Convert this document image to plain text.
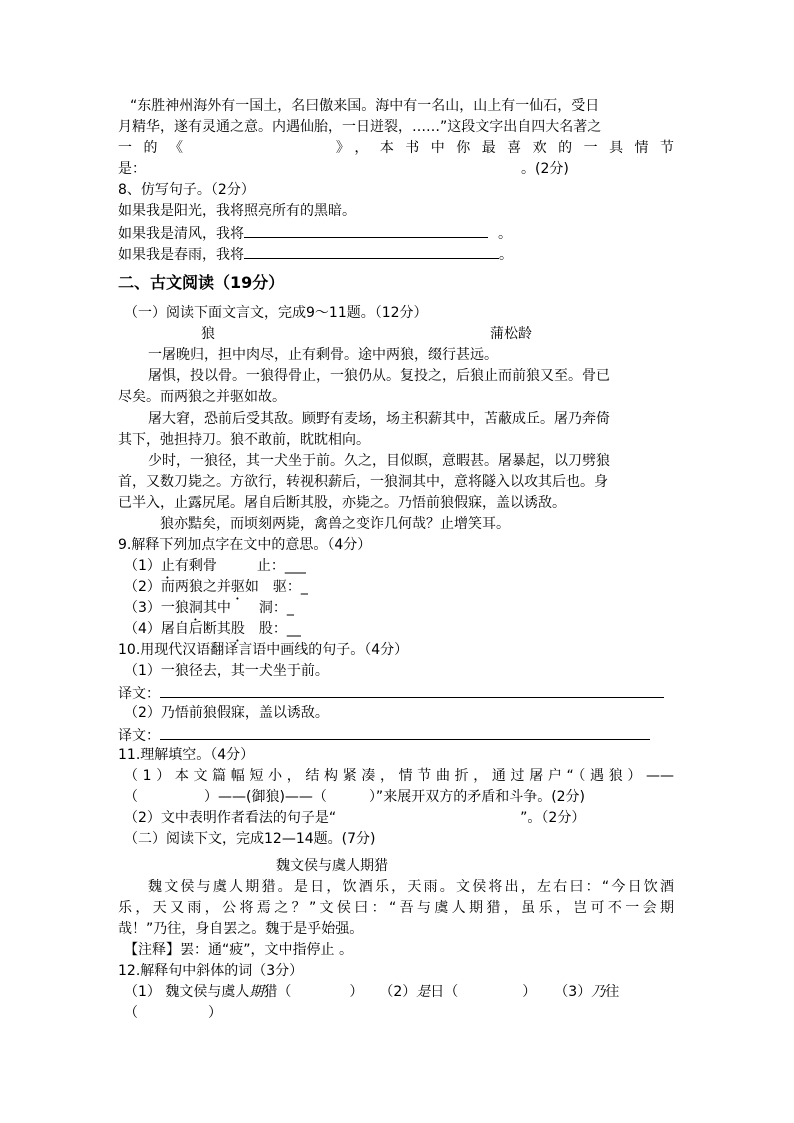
“东胜神州海外有一国土，名曰傲来国。海中有一名山，山上有一仙石，受日
月精华，遂有灵通之意。内遇仙胎，一日迸裂，……”这段文字出自四大名著之
一的《	》，本书中你最喜欢的一具情节
是：	。(2分)
8、仿写句子。（2分）
如果我是阳光，我将照亮所有的黑暗。
如果我是清风，我将	。
如果我是春雨，我将	。
二、古文阅读（19分）
（一）阅读下面文言文，完成9～11题。（12分）
狼	蒲松龄
一屠晚归，担中肉尽，止有剩骨。途中两狼，缀行甚远。
屠惧，投以骨。一狼得骨止，一狼仍从。复投之，后狼止而前狼又至。骨已
尽矣。而两狼之并驱如故。
屠大窘，恐前后受其敌。顾野有麦场，场主积薪其中，苫蔽成丘。屠乃奔倚
其下，弛担持刀。狼不敢前，眈眈相向。
少时，一狼径，其一犬坐于前。久之，目似瞑，意暇甚。屠暴起，以刀劈狼
首，又数刀毙之。方欲行，转视积薪后，一狼洞其中，意将隧入以攻其后也。身
已半入，止露尻尾。屠自后断其股，亦毙之。乃悟前狼假寐，盖以诱敌。
狼亦黠矣，而顷刻两毙，禽兽之变诈几何哉？止增笑耳。
9.解释下列加点字在文中的意思。（4分）
（1）止有剩骨	止：___
（2）而两狼之并驱如 驱：_
（3）一狼洞其中 洞：_
（4）屠自后断其股 股：__
10.用现代汉语翻译言语中画线的句子。（4分）
（1）一狼径去，其一犬坐于前。
译文：
（2）乃悟前狼假寐，盖以诱敌。
译文：
11.理解填空。（4分）
（1）本文篇幅短小，结构紧凑，情节曲折，通过屠户“（遇狼）——
（	）——(御狼)——（	）”来展开双方的矛盾和斗争。(2分)
（2）文中表明作者看法的句子是“	”。（2分）
（二）阅读下文，完成12—14题。(7分)
魏文侯与虞人期猎
魏文侯与虞人期猎。是日，饮酒乐，天雨。文侯将出，左右曰：“今日饮酒
乐，天又雨，公将焉之？”文侯曰：“吾与虞人期猎，虽乐，岂可不一会期
哉！”乃往，身自罢之。魏于是乎始强。
【注释】罢：通“疲”，文中指停止 。
12.解释句中斜体的词（3分）
（1） 魏文侯与虞人期猎（	） （2）是日（	） （3）乃往
（	）
